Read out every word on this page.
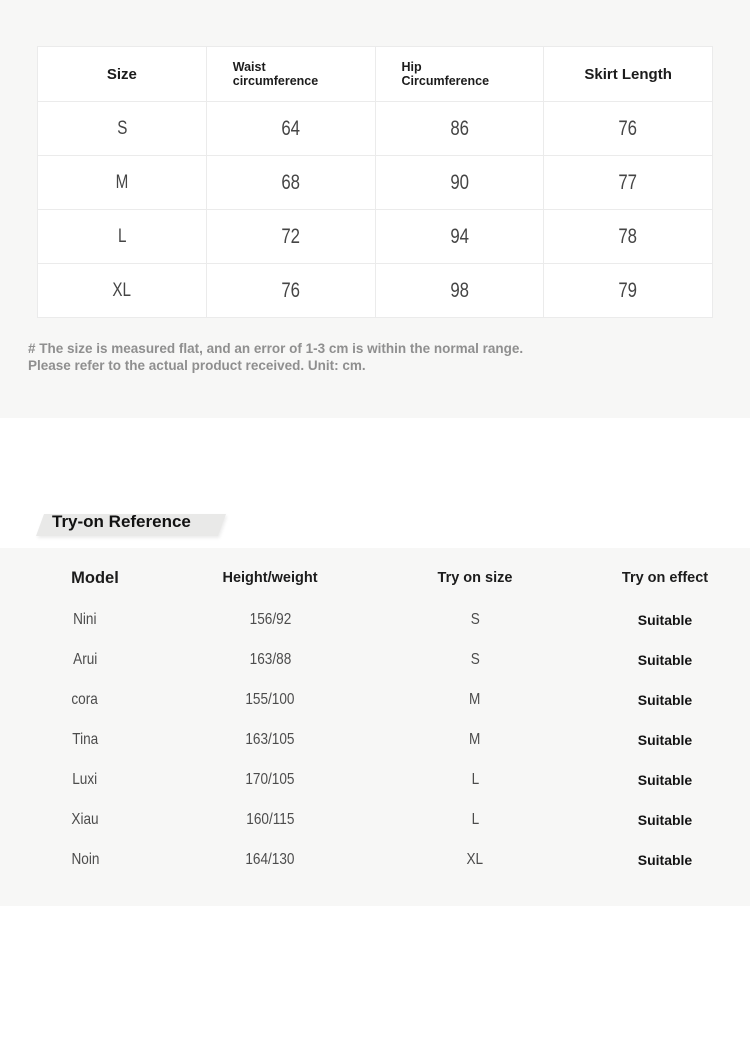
Size	Waist circumference	Hip Circumference	Skirt Length
S	64	86	76
M	68	90	77
L	72	94	78
XL	76	98	79
# The size is measured flat, and an error of 1-3 cm is within the normal range.
Please refer to the actual product received. Unit: cm.
Try-on Reference
Model	Height/weight	Try on size	Try on effect
Nini	156/92	S	Suitable
Arui	163/88	S	Suitable
cora	155/100	M	Suitable
Tina	163/105	M	Suitable
Luxi	170/105	L	Suitable
Xiau	160/115	L	Suitable
Noin	164/130	XL	Suitable
